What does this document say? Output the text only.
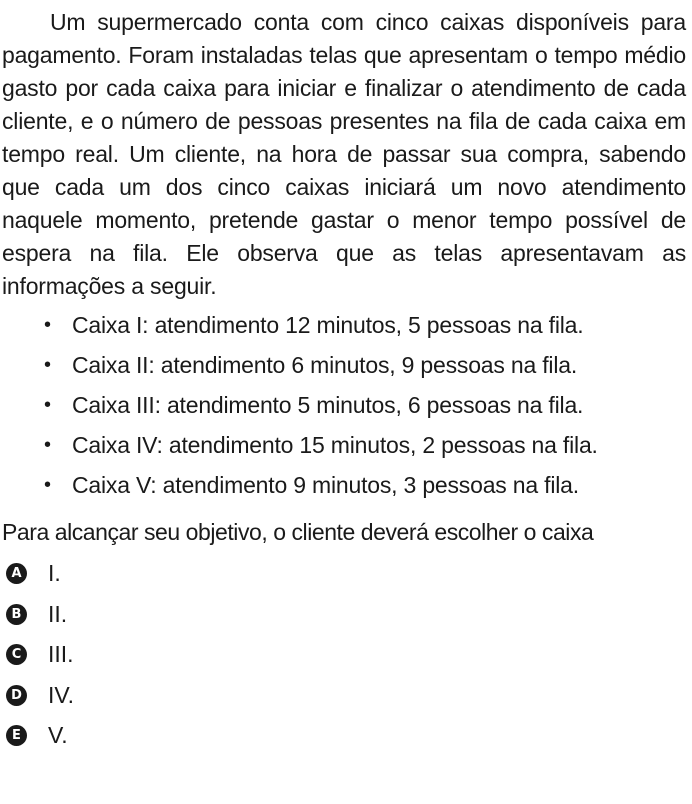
Um supermercado conta com cinco caixas disponíveis para pagamento. Foram instaladas telas que apresentam o tempo médio gasto por cada caixa para iniciar e finalizar o atendimento de cada cliente, e o número de pessoas presentes na fila de cada caixa em tempo real. Um cliente, na hora de passar sua compra, sabendo que cada um dos cinco caixas iniciará um novo atendimento naquele momento, pretende gastar o menor tempo possível de espera na fila. Ele observa que as telas apresentavam as informações a seguir.

• Caixa I: atendimento 12 minutos, 5 pessoas na fila.
• Caixa II: atendimento 6 minutos, 9 pessoas na fila.
• Caixa III: atendimento 5 minutos, 6 pessoas na fila.
• Caixa IV: atendimento 15 minutos, 2 pessoas na fila.
• Caixa V: atendimento 9 minutos, 3 pessoas na fila.

Para alcançar seu objetivo, o cliente deverá escolher o caixa

A I.
B II.
C III.
D IV.
E V.
